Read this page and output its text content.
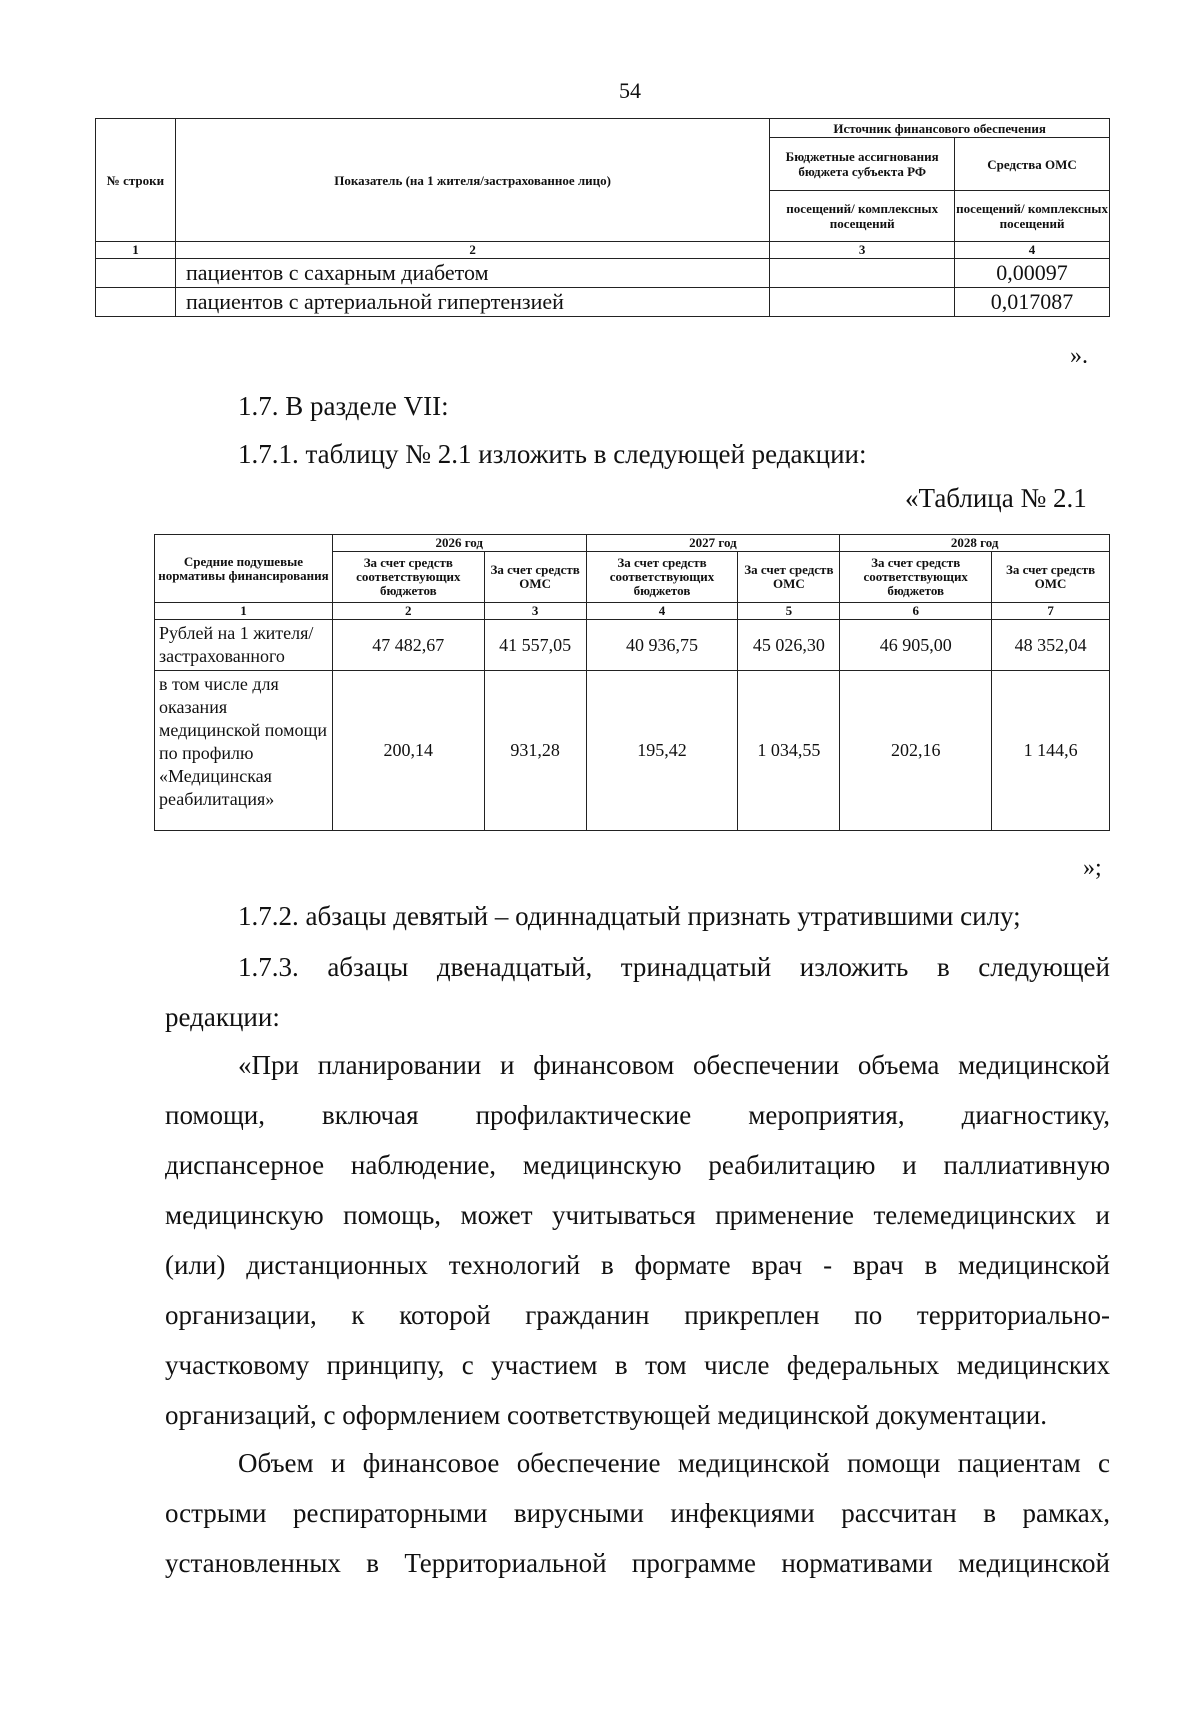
54
№ строки	Показатель (на 1 жителя/застрахованное лицо)	Источник финансового обеспечения	
		Бюджетные ассигнования бюджета субъекта РФ	Средства ОМС
		посещений/ комплексных посещений	посещений/ комплексных посещений
1	2	3	4
	пациентов с сахарным диабетом		0,00097
	пациентов с артериальной гипертензией		0,017087
».
1.7. В разделе VII:
1.7.1. таблицу № 2.1 изложить в следующей редакции:
«Таблица № 2.1
Средние подушевые нормативы финансирования	2026 год		2027 год		2028 год	
	За счет средств соответствующих бюджетов	За счет средств ОМС	За счет средств соответствующих бюджетов	За счет средств ОМС	За счет средств соответствующих бюджетов	За счет средств ОМС
1	2	3	4	5	6	7
Рублей на 1 жителя/ застрахованного	47 482,67	41 557,05	40 936,75	45 026,30	46 905,00	48 352,04
в том числе для оказания медицинской помощи по профилю «Медицинская реабилитация»	200,14	931,28	195,42	1 034,55	202,16	1 144,6
»;
1.7.2. абзацы девятый – одиннадцатый признать утратившими силу;
1.7.3. абзацы двенадцатый, тринадцатый изложить в следующей
редакции:
«При планировании и финансовом обеспечении объема медицинской
помощи, включая профилактические мероприятия, диагностику,
диспансерное наблюдение, медицинскую реабилитацию и паллиативную
медицинскую помощь, может учитываться применение телемедицинских и
(или) дистанционных технологий в формате врач - врач в медицинской
организации, к которой гражданин прикреплен по территориально-
участковому принципу, с участием в том числе федеральных медицинских
организаций, с оформлением соответствующей медицинской документации.
Объем и финансовое обеспечение медицинской помощи пациентам с
острыми респираторными вирусными инфекциями рассчитан в рамках,
установленных в Территориальной программе нормативами медицинской
